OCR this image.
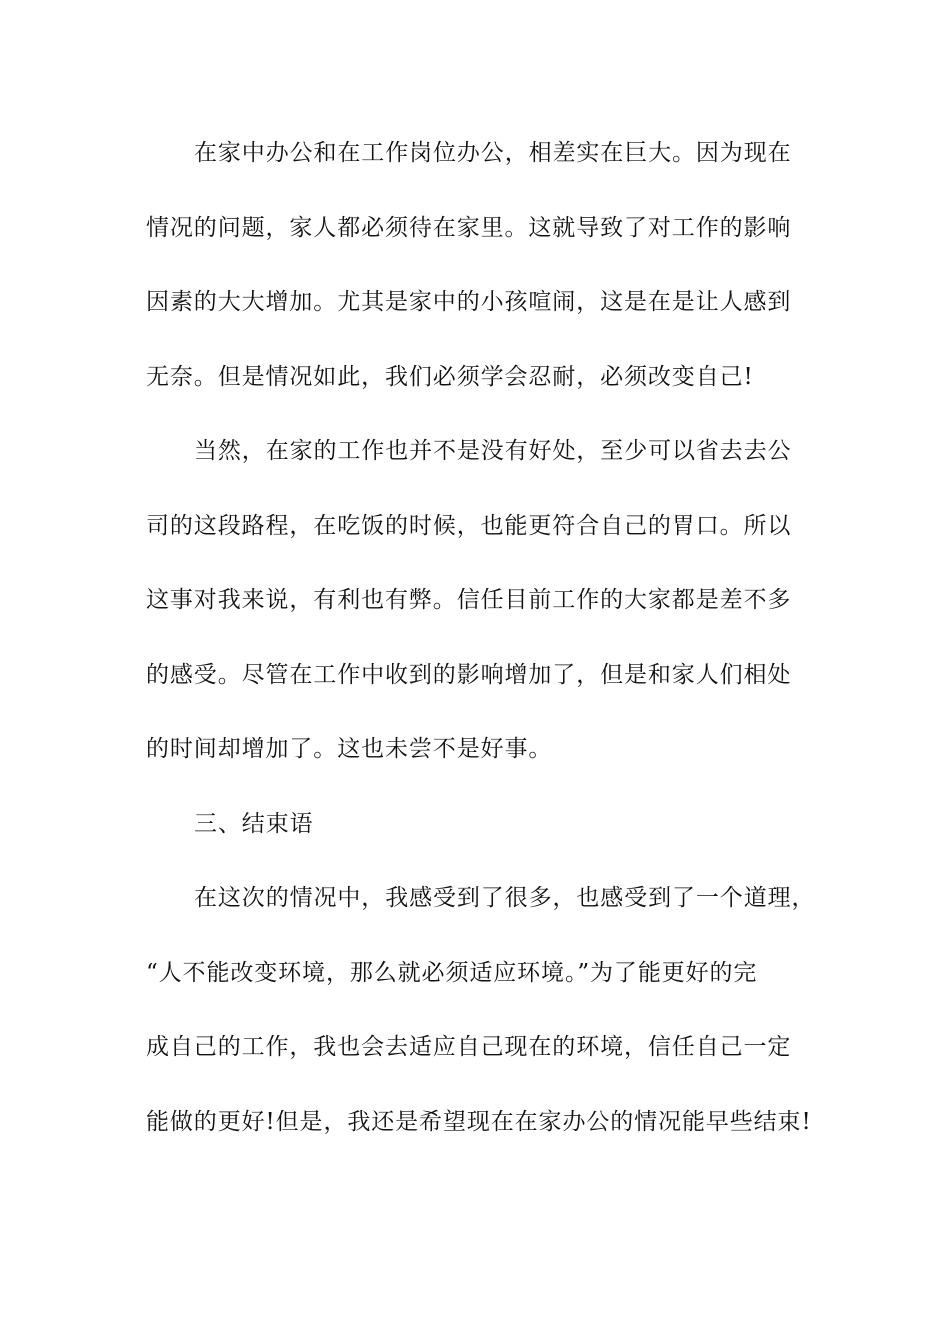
在家中办公和在工作岗位办公，相差实在巨大。因为现在
情况的问题，家人都必须待在家里。这就导致了对工作的影响
因素的大大增加。尤其是家中的小孩喧闹，这是在是让人感到
无奈。但是情况如此，我们必须学会忍耐，必须改变自己!
当然，在家的工作也并不是没有好处，至少可以省去去公
司的这段路程，在吃饭的时候，也能更符合自己的胃口。所以
这事对我来说，有利也有弊。信任目前工作的大家都是差不多
的感受。尽管在工作中收到的影响增加了，但是和家人们相处
的时间却增加了。这也未尝不是好事。
三、结束语
在这次的情况中，我感受到了很多，也感受到了一个道理，
“人不能改变环境，那么就必须适应环境。”为了能更好的完
成自己的工作，我也会去适应自己现在的环境，信任自己一定
能做的更好!但是，我还是希望现在在家办公的情况能早些结束!
